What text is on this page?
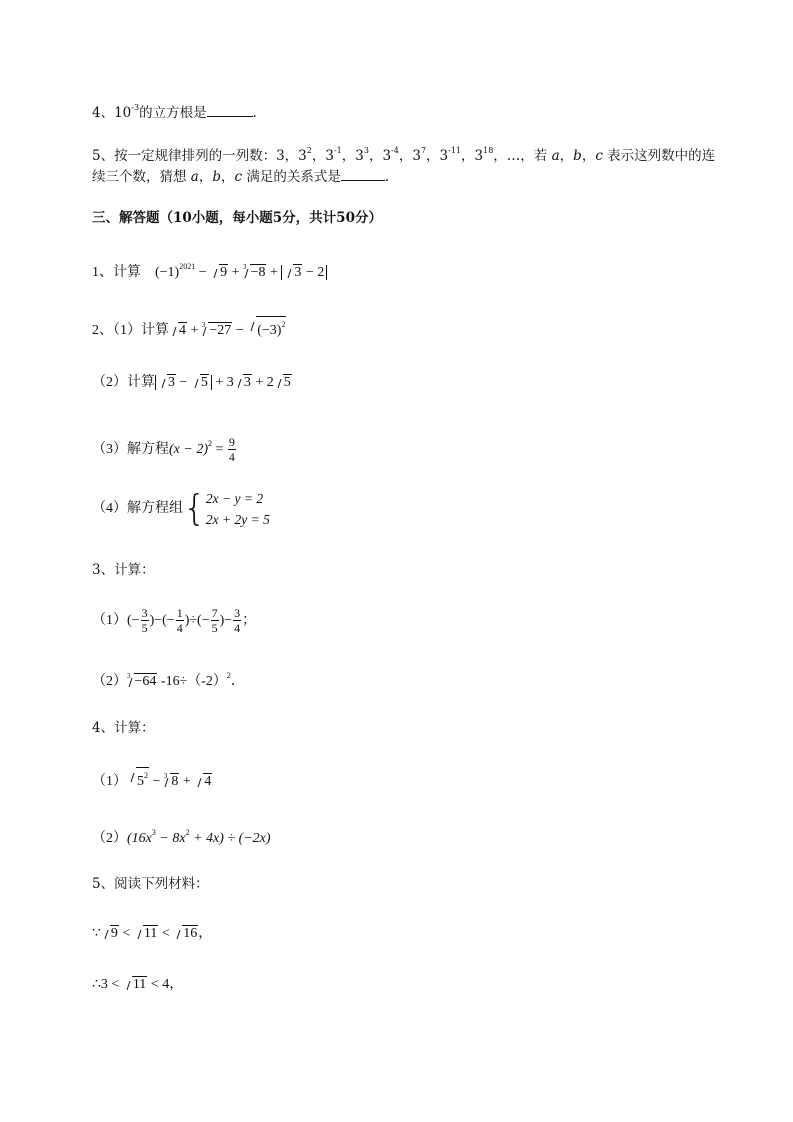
4、$10^{-3}$的立方根是	．
5、按一定规律排列的一列数：3，$3^2$，$3^{-1}$，$3^3$，$3^{-4}$，$3^7$，$3^{-11}$，$3^{18}$，…，若 a，b，c 表示这列数中的连
续三个数，猜想 a，b，c 满足的关系式是	．
三、解答题（10小题，每小题5分，共计50分）
1、计算 $(-1)^{2021} - 9 + ^3 -8 + 3 - 2$
2、（1）计算 $4 + ^3 -27 - (-3)^2$
（2）计算 3 − 5 + 3 3 + 2 5
（3）解方程$(x - 2)^2 = \frac{9}{4}$
（4）解方程组{ 2x − y = 2
2x + 2y = 5
3、计算：
$(1)(- \frac{3}{5}$ )−(− $\frac{1}{4}$ )÷(− $\frac{7}{5}$ )− $\frac{3}{4}$ ；
$(2)^3 -64$ $-16\div(-2)^2$．
4、计算：
（1） $5^2 - ^3$ 8 + 4
$(2)(16x^3 - 8x^2 + 4x) \div (-2x)$
5、阅读下列材料：
∵ 9 < 11 < 16，
∴3 < 11 < 4，
